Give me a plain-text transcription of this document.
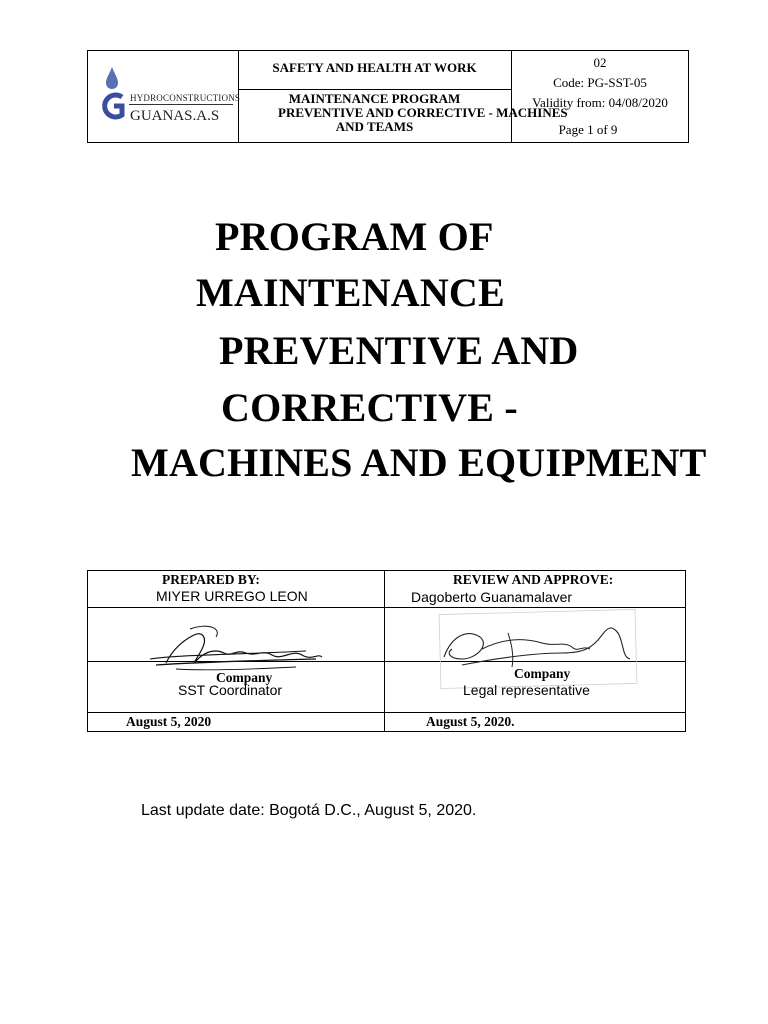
HYDROCONSTRUCTIONS
GUANAS.A.S
SAFETY AND HEALTH AT WORK
MAINTENANCE PROGRAM
PREVENTIVE AND CORRECTIVE - MACHINES
AND TEAMS
02
Code: PG-SST-05
Validity from: 04/08/2020
Page 1 of 9
PROGRAM OF
MAINTENANCE
PREVENTIVE AND
CORRECTIVE -
MACHINES AND EQUIPMENT
PREPARED BY:
MIYER URREGO LEON
REVIEW AND APPROVE:
Dagoberto Guanamalaver
Company
SST Coordinator
Company
Legal representative
August 5, 2020	August 5, 2020.
Last update date: Bogotá D.C., August 5, 2020.
